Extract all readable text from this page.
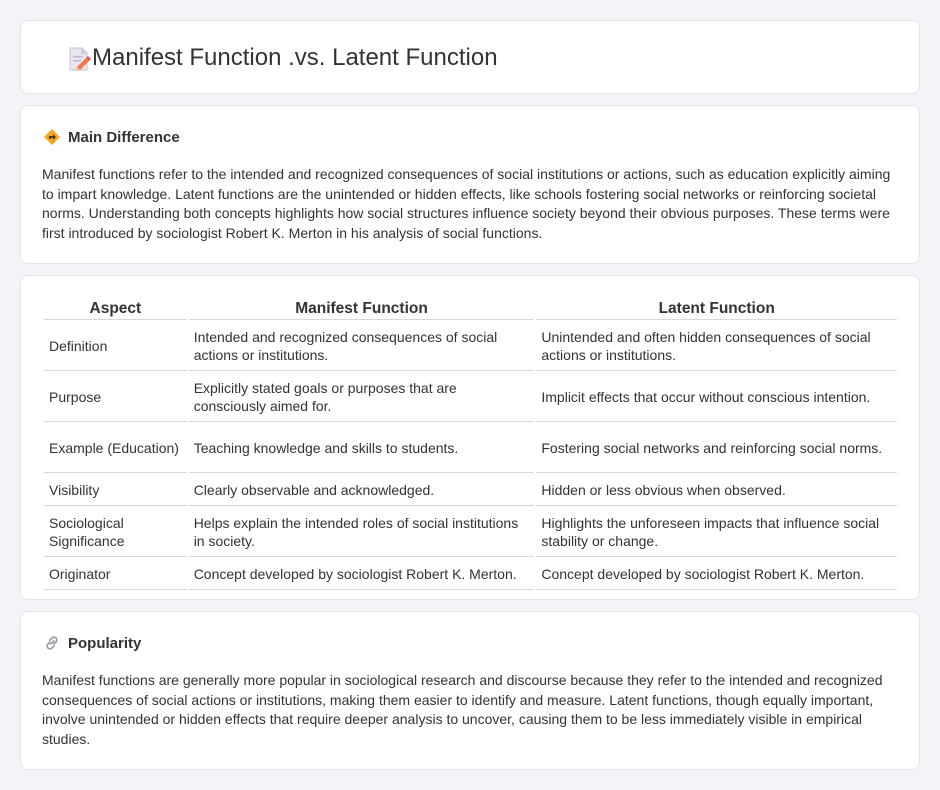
Manifest Function .vs. Latent Function
Main Difference

Manifest functions refer to the intended and recognized consequences of social institutions or actions, such as education explicitly aiming to impart knowledge. Latent functions are the unintended or hidden effects, like schools fostering social networks or reinforcing societal norms. Understanding both concepts highlights how social structures influence society beyond their obvious purposes. These terms were first introduced by sociologist Robert K. Merton in his analysis of social functions.

Aspect	Manifest Function	Latent Function
Definition	Intended and recognized consequences of social actions or institutions.	Unintended and often hidden consequences of social actions or institutions.
Purpose	Explicitly stated goals or purposes that are consciously aimed for.	Implicit effects that occur without conscious intention.
Example (Education)	Teaching knowledge and skills to students.	Fostering social networks and reinforcing social norms.
Visibility	Clearly observable and acknowledged.	Hidden or less obvious when observed.
Sociological Significance	Helps explain the intended roles of social institutions in society.	Highlights the unforeseen impacts that influence social stability or change.
Originator	Concept developed by sociologist Robert K. Merton.	Concept developed by sociologist Robert K. Merton.
Popularity

Manifest functions are generally more popular in sociological research and discourse because they refer to the intended and recognized consequences of social actions or institutions, making them easier to identify and measure. Latent functions, though equally important, involve unintended or hidden effects that require deeper analysis to uncover, causing them to be less immediately visible in empirical studies.
